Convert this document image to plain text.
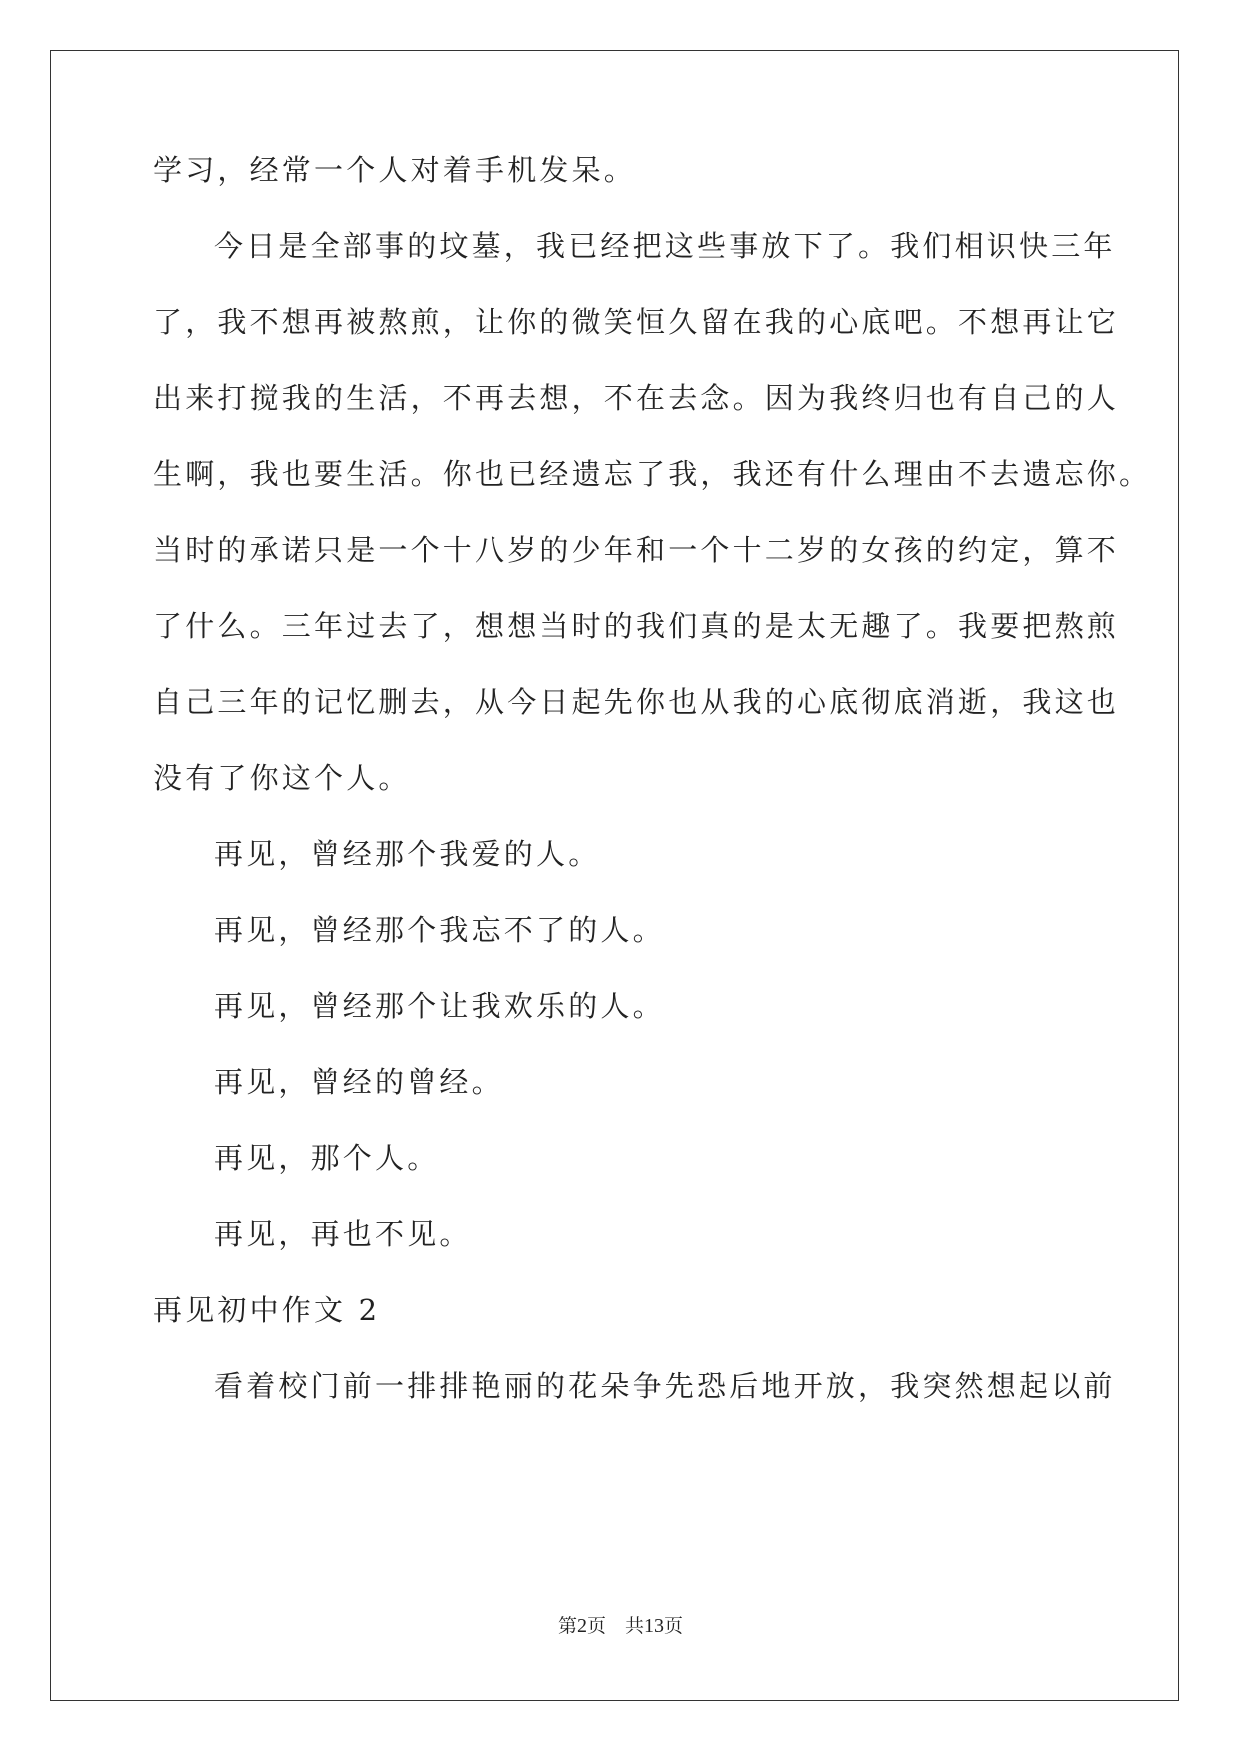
学习，经常一个人对着手机发呆。
今日是全部事的坟墓，我已经把这些事放下了。我们相识快三年
了，我不想再被熬煎，让你的微笑恒久留在我的心底吧。不想再让它
出来打搅我的生活，不再去想，不在去念。因为我终归也有自己的人
生啊，我也要生活。你也已经遗忘了我，我还有什么理由不去遗忘你。
当时的承诺只是一个十八岁的少年和一个十二岁的女孩的约定，算不
了什么。三年过去了，想想当时的我们真的是太无趣了。我要把熬煎
自己三年的记忆删去，从今日起先你也从我的心底彻底消逝，我这也
没有了你这个人。
再见，曾经那个我爱的人。
再见，曾经那个我忘不了的人。
再见，曾经那个让我欢乐的人。
再见，曾经的曾经。
再见，那个人。
再见，再也不见。
再见初中作文 2
看着校门前一排排艳丽的花朵争先恐后地开放，我突然想起以前
第2页　共13页
